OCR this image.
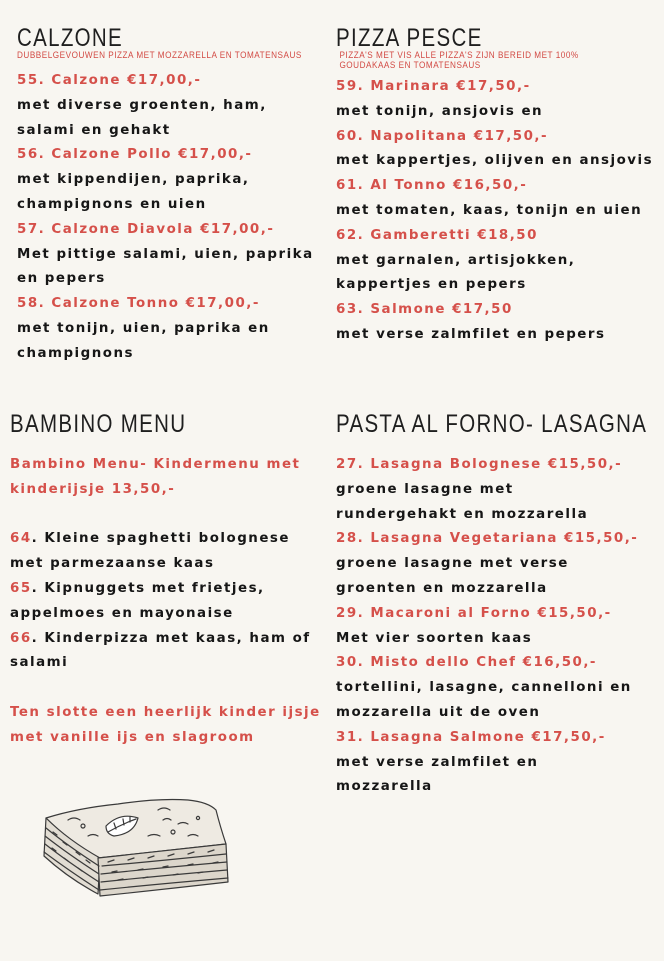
CALZONE
DUBBELGEVOUWEN PIZZA MET MOZZARELLA EN TOMATENSAUS
55. Calzone €17,00,-
met diverse groenten, ham,
salami en gehakt
56. Calzone Pollo €17,00,-
met kippendijen, paprika,
champignons en uien
57. Calzone Diavola €17,00,-
Met pittige salami, uien, paprika
en pepers
58. Calzone Tonno €17,00,-
met tonijn, uien, paprika en
champignons
PIZZA PESCE
PIZZA'S MET VIS ALLE PIZZA'S ZIJN BEREID MET 100%
GOUDAKAAS EN TOMATENSAUS
59. Marinara €17,50,-
met tonijn, ansjovis en
60. Napolitana €17,50,-
met kappertjes, olijven en ansjovis
61. Al Tonno €16,50,-
met tomaten, kaas, tonijn en uien
62. Gamberetti €18,50
met garnalen, artisjokken,
kappertjes en pepers
63. Salmone €17,50
met verse zalmfilet en pepers
BAMBINO MENU
Bambino Menu- Kindermenu met
kinderijsje 13,50,-
64. Kleine spaghetti bolognese
met parmezaanse kaas
65. Kipnuggets met frietjes,
appelmoes en mayonaise
66. Kinderpizza met kaas, ham of
salami
Ten slotte een heerlijk kinder ijsje
met vanille ijs en slagroom
PASTA AL FORNO- LASAGNA
27. Lasagna Bolognese €15,50,-
groene lasagne met
rundergehakt en mozzarella
28. Lasagna Vegetariana €15,50,-
groene lasagne met verse
groenten en mozzarella
29. Macaroni al Forno €15,50,-
Met vier soorten kaas
30. Misto dello Chef €16,50,-
tortellini, lasagne, cannelloni en
mozzarella uit de oven
31. Lasagna Salmone €17,50,-
met verse zalmfilet en
mozzarella
